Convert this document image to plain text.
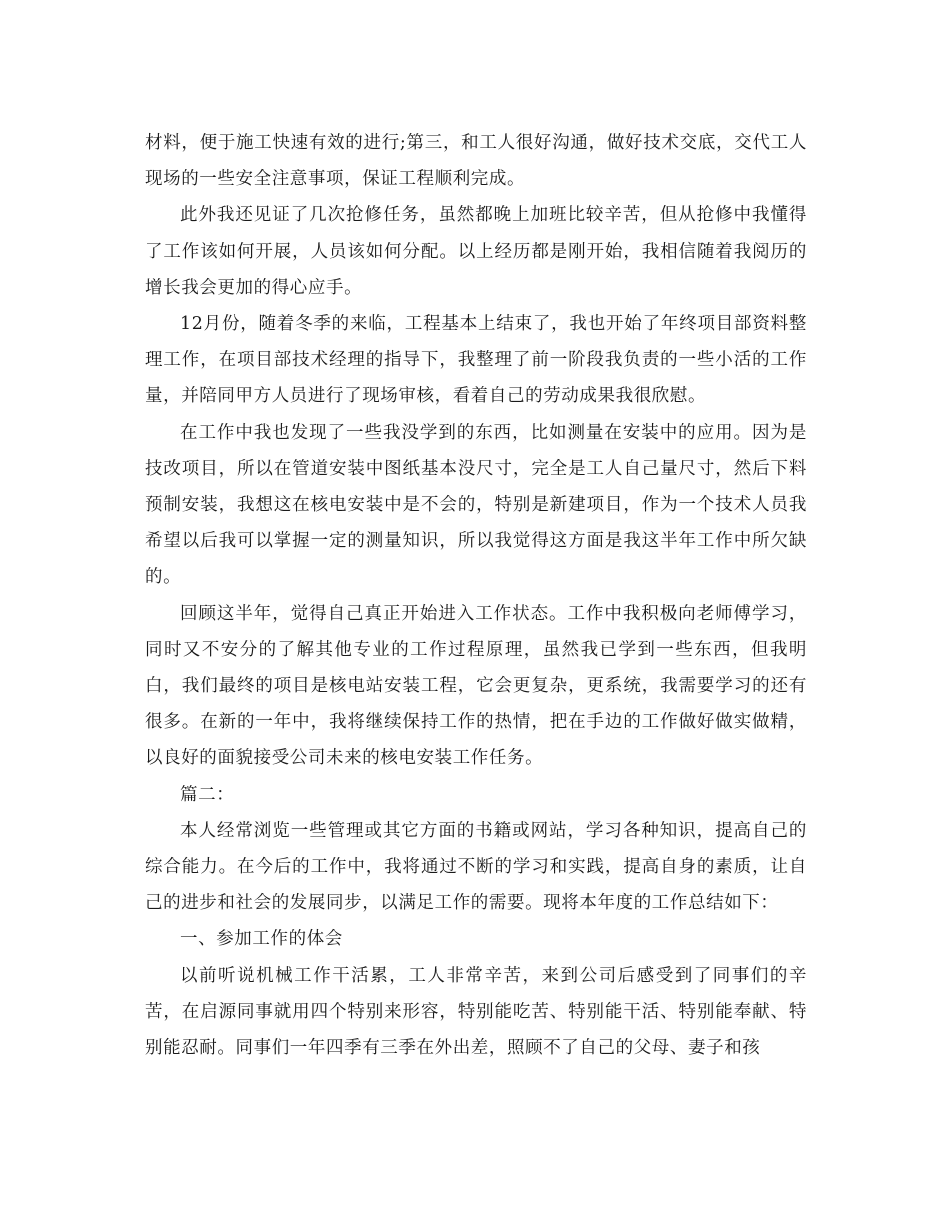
材料，便于施工快速有效的进行;第三，和工人很好沟通，做好技术交底，交代工人现场的一些安全注意事项，保证工程顺利完成。

此外我还见证了几次抢修任务，虽然都晚上加班比较辛苦，但从抢修中我懂得了工作该如何开展，人员该如何分配。以上经历都是刚开始，我相信随着我阅历的增长我会更加的得心应手。

12月份，随着冬季的来临，工程基本上结束了，我也开始了年终项目部资料整理工作，在项目部技术经理的指导下，我整理了前一阶段我负责的一些小活的工作量，并陪同甲方人员进行了现场审核，看着自己的劳动成果我很欣慰。

在工作中我也发现了一些我没学到的东西，比如测量在安装中的应用。因为是技改项目，所以在管道安装中图纸基本没尺寸，完全是工人自己量尺寸，然后下料预制安装，我想这在核电安装中是不会的，特别是新建项目，作为一个技术人员我希望以后我可以掌握一定的测量知识，所以我觉得这方面是我这半年工作中所欠缺的。

回顾这半年，觉得自己真正开始进入工作状态。工作中我积极向老师傅学习，同时又不安分的了解其他专业的工作过程原理，虽然我已学到一些东西，但我明白，我们最终的项目是核电站安装工程，它会更复杂，更系统，我需要学习的还有很多。在新的一年中，我将继续保持工作的热情，把在手边的工作做好做实做精，以良好的面貌接受公司未来的核电安装工作任务。

篇二：

本人经常浏览一些管理或其它方面的书籍或网站，学习各种知识，提高自己的综合能力。在今后的工作中，我将通过不断的学习和实践，提高自身的素质，让自己的进步和社会的发展同步，以满足工作的需要。现将本年度的工作总结如下：

一、参加工作的体会

以前听说机械工作干活累，工人非常辛苦，来到公司后感受到了同事们的辛苦，在启源同事就用四个特别来形容，特别能吃苦、特别能干活、特别能奉献、特别能忍耐。同事们一年四季有三季在外出差，照顾不了自己的父母、妻子和孩
